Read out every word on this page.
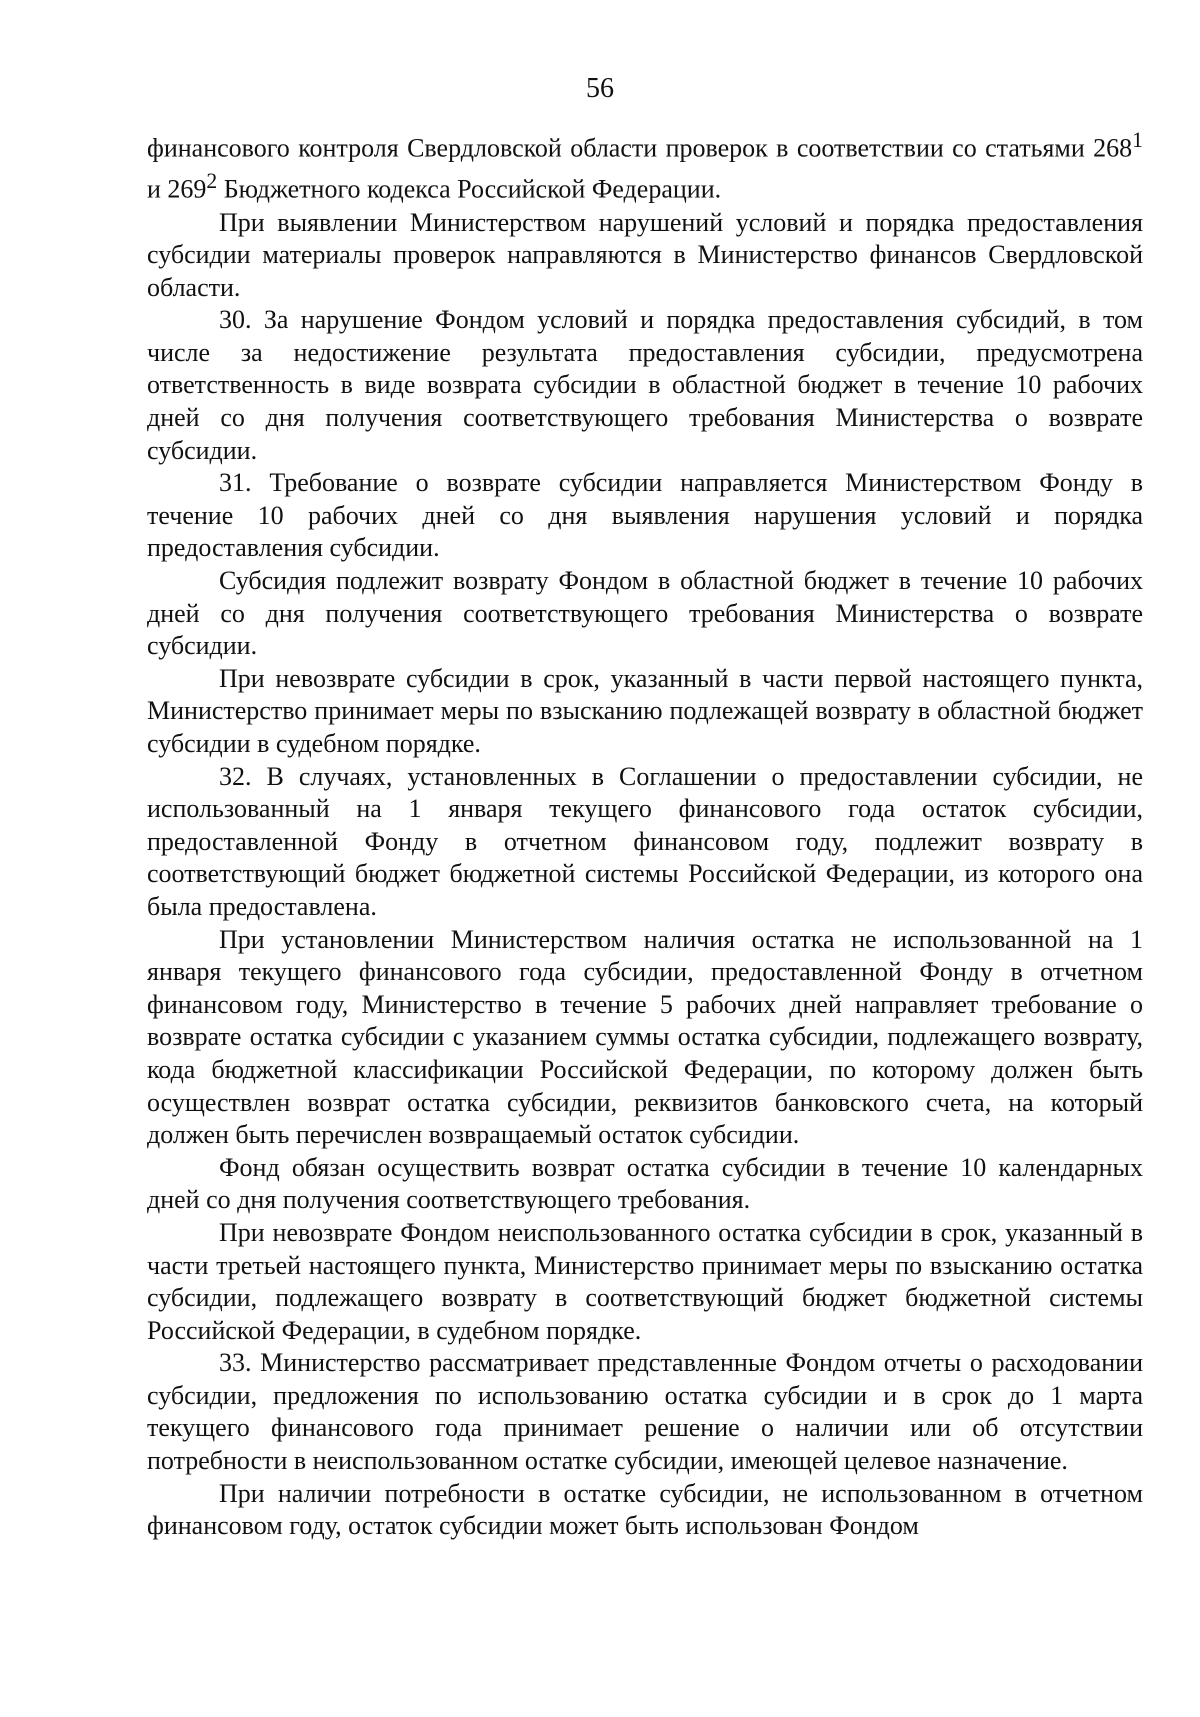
56

финансового контроля Свердловской области проверок в соответствии со статьями $268^1$ и $269^2$ Бюджетного кодекса Российской Федерации.

При выявлении Министерством нарушений условий и порядка предоставления субсидии материалы проверок направляются в Министерство финансов Свердловской области.

30. За нарушение Фондом условий и порядка предоставления субсидий, в том числе за недостижение результата предоставления субсидии, предусмотрена ответственность в виде возврата субсидии в областной бюджет в течение 10 рабочих дней со дня получения соответствующего требования Министерства о возврате субсидии.

31. Требование о возврате субсидии направляется Министерством Фонду в течение 10 рабочих дней со дня выявления нарушения условий и порядка предоставления субсидии.

Субсидия подлежит возврату Фондом в областной бюджет в течение 10 рабочих дней со дня получения соответствующего требования Министерства о возврате субсидии.

При невозврате субсидии в срок, указанный в части первой настоящего пункта, Министерство принимает меры по взысканию подлежащей возврату в областной бюджет субсидии в судебном порядке.

32. В случаях, установленных в Соглашении о предоставлении субсидии, не использованный на 1 января текущего финансового года остаток субсидии, предоставленной Фонду в отчетном финансовом году, подлежит возврату в соответствующий бюджет бюджетной системы Российской Федерации, из которого она была предоставлена.

При установлении Министерством наличия остатка не использованной на 1 января текущего финансового года субсидии, предоставленной Фонду в отчетном финансовом году, Министерство в течение 5 рабочих дней направляет требование о возврате остатка субсидии с указанием суммы остатка субсидии, подлежащего возврату, кода бюджетной классификации Российской Федерации, по которому должен быть осуществлен возврат остатка субсидии, реквизитов банковского счета, на который должен быть перечислен возвращаемый остаток субсидии.

Фонд обязан осуществить возврат остатка субсидии в течение 10 календарных дней со дня получения соответствующего требования.

При невозврате Фондом неиспользованного остатка субсидии в срок, указанный в части третьей настоящего пункта, Министерство принимает меры по взысканию остатка субсидии, подлежащего возврату в соответствующий бюджет бюджетной системы Российской Федерации, в судебном порядке.

33. Министерство рассматривает представленные Фондом отчеты о расходовании субсидии, предложения по использованию остатка субсидии и в срок до 1 марта текущего финансового года принимает решение о наличии или об отсутствии потребности в неиспользованном остатке субсидии, имеющей целевое назначение.

При наличии потребности в остатке субсидии, не использованном в отчетном финансовом году, остаток субсидии может быть использован Фондом
